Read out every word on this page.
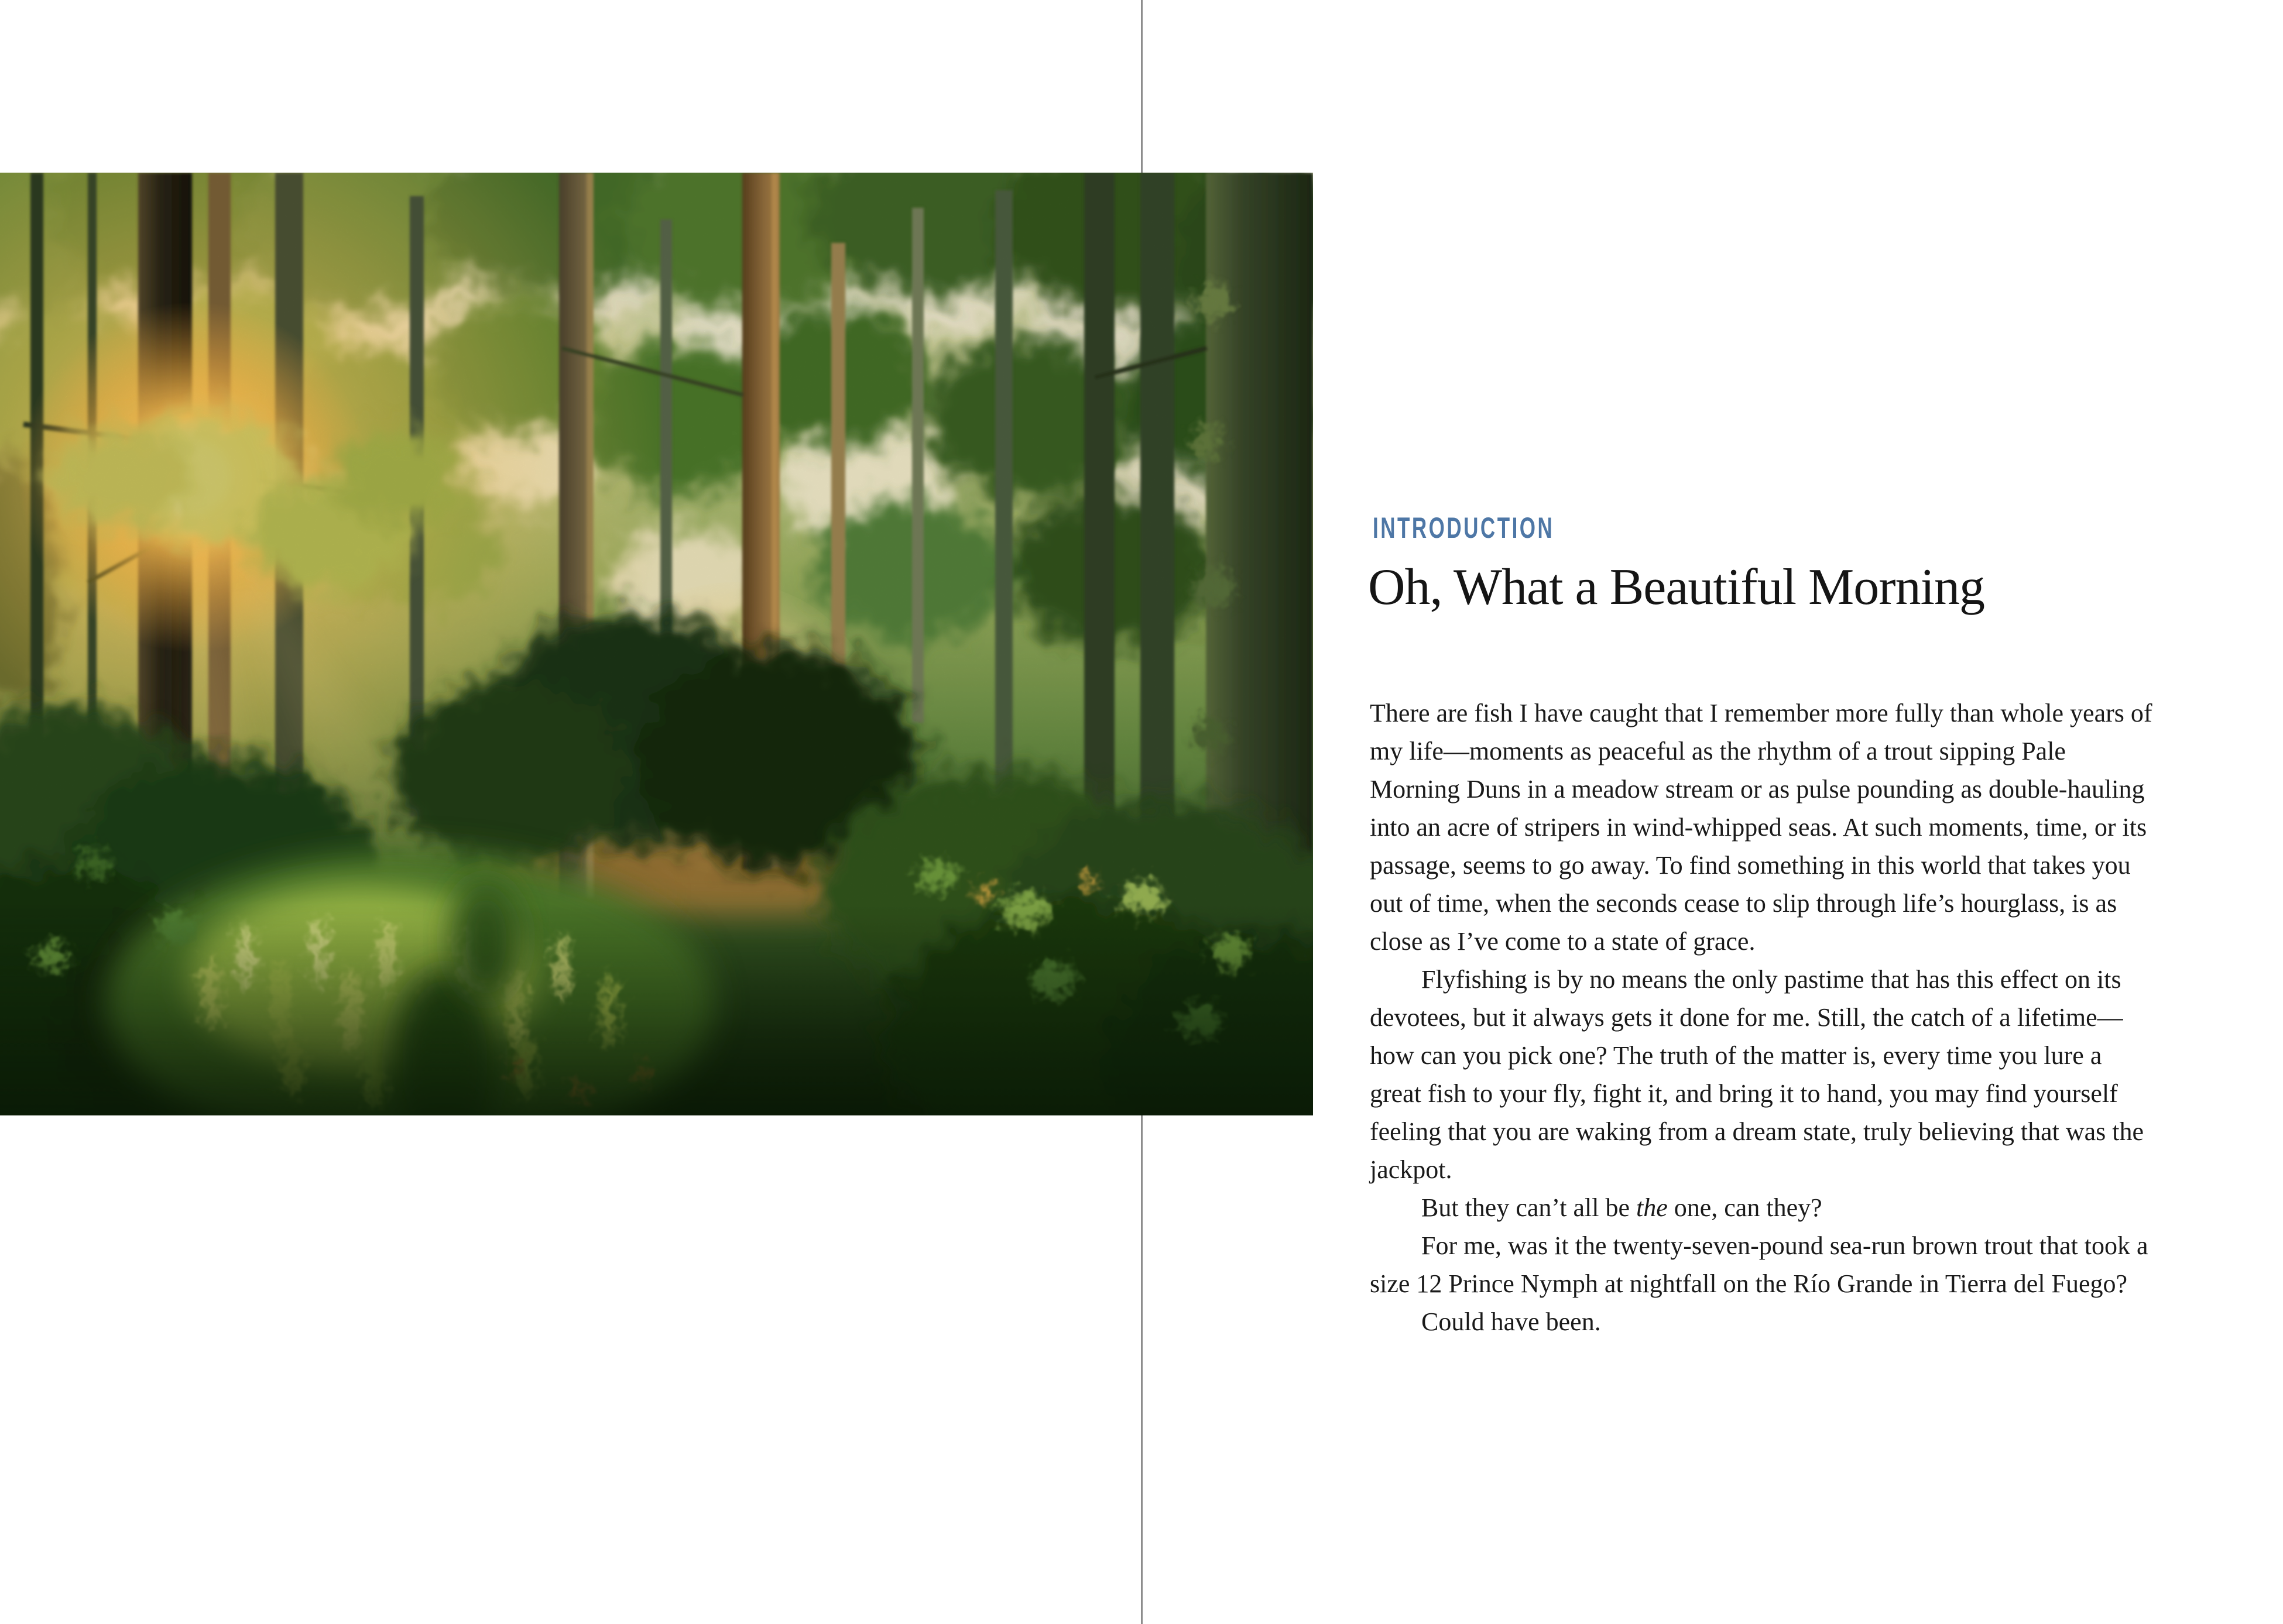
INTRODUCTION
Oh, What a Beautiful Morning

There are fish I have caught that I remember more fully than whole years of my life—moments as peaceful as the rhythm of a trout sipping Pale Morning Duns in a meadow stream or as pulse pounding as double-hauling into an acre of stripers in wind-whipped seas. At such moments, time, or its passage, seems to go away. To find something in this world that takes you out of time, when the seconds cease to slip through life’s hourglass, is as close as I’ve come to a state of grace.

Flyfishing is by no means the only pastime that has this effect on its devotees, but it always gets it done for me. Still, the catch of a lifetime—how can you pick one? The truth of the matter is, every time you lure a great fish to your fly, fight it, and bring it to hand, you may find yourself feeling that you are waking from a dream state, truly believing that was the jackpot.

But they can’t all be the one, can they?

For me, was it the twenty-seven-pound sea-run brown trout that took a size 12 Prince Nymph at nightfall on the Río Grande in Tierra del Fuego?

Could have been.
